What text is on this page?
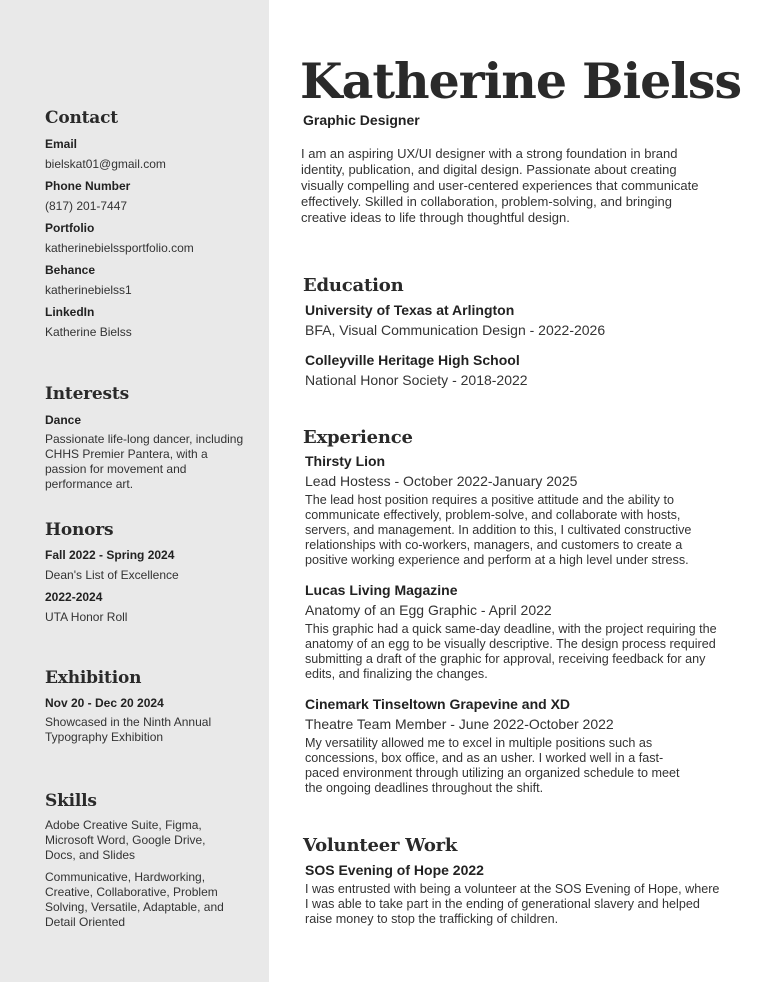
Contact
Email
bielskat01@gmail.com
Phone Number
(817) 201-7447
Portfolio
katherinebielssportfolio.com
Behance
katherinebielss1
LinkedIn
Katherine Bielss
Interests
Dance
Passionate life-long dancer, including CHHS Premier Pantera, with a passion for movement and performance art.
Honors
Fall 2022 - Spring 2024
Dean's List of Excellence
2022-2024
UTA Honor Roll
Exhibition
Nov 20 - Dec 20 2024
Showcased in the Ninth Annual Typography Exhibition
Skills
Adobe Creative Suite, Figma, Microsoft Word, Google Drive, Docs, and Slides
Communicative, Hardworking, Creative, Collaborative, Problem Solving, Versatile, Adaptable, and Detail Oriented
Katherine Bielss
Graphic Designer
I am an aspiring UX/UI designer with a strong foundation in brand identity, publication, and digital design. Passionate about creating visually compelling and user-centered experiences that communicate effectively. Skilled in collaboration, problem-solving, and bringing creative ideas to life through thoughtful design.
Education
University of Texas at Arlington
BFA, Visual Communication Design - 2022-2026
Colleyville Heritage High School
National Honor Society - 2018-2022
Experience
Thirsty Lion
Lead Hostess - October 2022-January 2025
The lead host position requires a positive attitude and the ability to communicate effectively, problem-solve, and collaborate with hosts, servers, and management. In addition to this, I cultivated constructive relationships with co-workers, managers, and customers to create a positive working experience and perform at a high level under stress.
Lucas Living Magazine
Anatomy of an Egg Graphic - April 2022
This graphic had a quick same-day deadline, with the project requiring the anatomy of an egg to be visually descriptive. The design process required submitting a draft of the graphic for approval, receiving feedback for any edits, and finalizing the changes.
Cinemark Tinseltown Grapevine and XD
Theatre Team Member - June 2022-October 2022
My versatility allowed me to excel in multiple positions such as concessions, box office, and as an usher. I worked well in a fast-paced environment through utilizing an organized schedule to meet the ongoing deadlines throughout the shift.
Volunteer Work
SOS Evening of Hope 2022
I was entrusted with being a volunteer at the SOS Evening of Hope, where I was able to take part in the ending of generational slavery and helped raise money to stop the trafficking of children.
